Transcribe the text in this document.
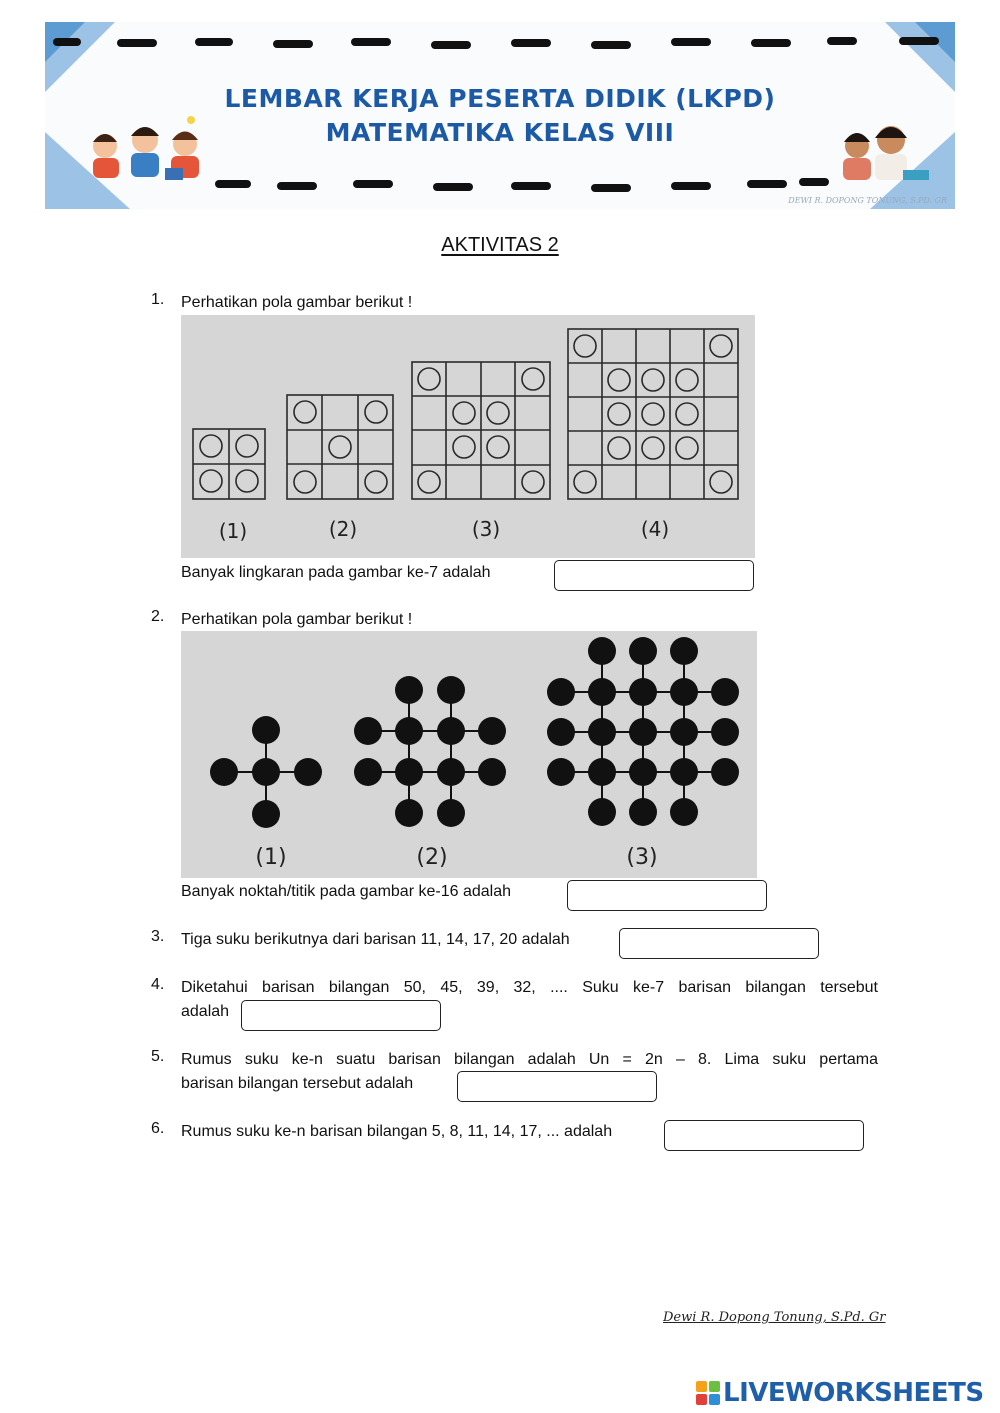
LEMBAR KERJA PESERTA DIDIK (LKPD)
MATEMATIKA KELAS VIII
DEWI R. DOPONG TONUNG, S.PD. GR
AKTIVITAS 2
1. Perhatikan pola gambar berikut !
(1)	(2)	(3)	(4)
Banyak lingkaran pada gambar ke-7 adalah
2. Perhatikan pola gambar berikut !
(1)	(2)	(3)
Banyak noktah/titik pada gambar ke-16 adalah
3. Tiga suku berikutnya dari barisan 11, 14, 17, 20 adalah
4. Diketahui barisan bilangan 50, 45, 39, 32, .... Suku ke-7 barisan bilangan tersebut
adalah
5. Rumus suku ke-n suatu barisan bilangan adalah Un = 2n – 8. Lima suku pertama
barisan bilangan tersebut adalah
6. Rumus suku ke-n barisan bilangan 5, 8, 11, 14, 17, ... adalah
Dewi R. Dopong Tonung, S.Pd. Gr
LIVEWORKSHEETS
